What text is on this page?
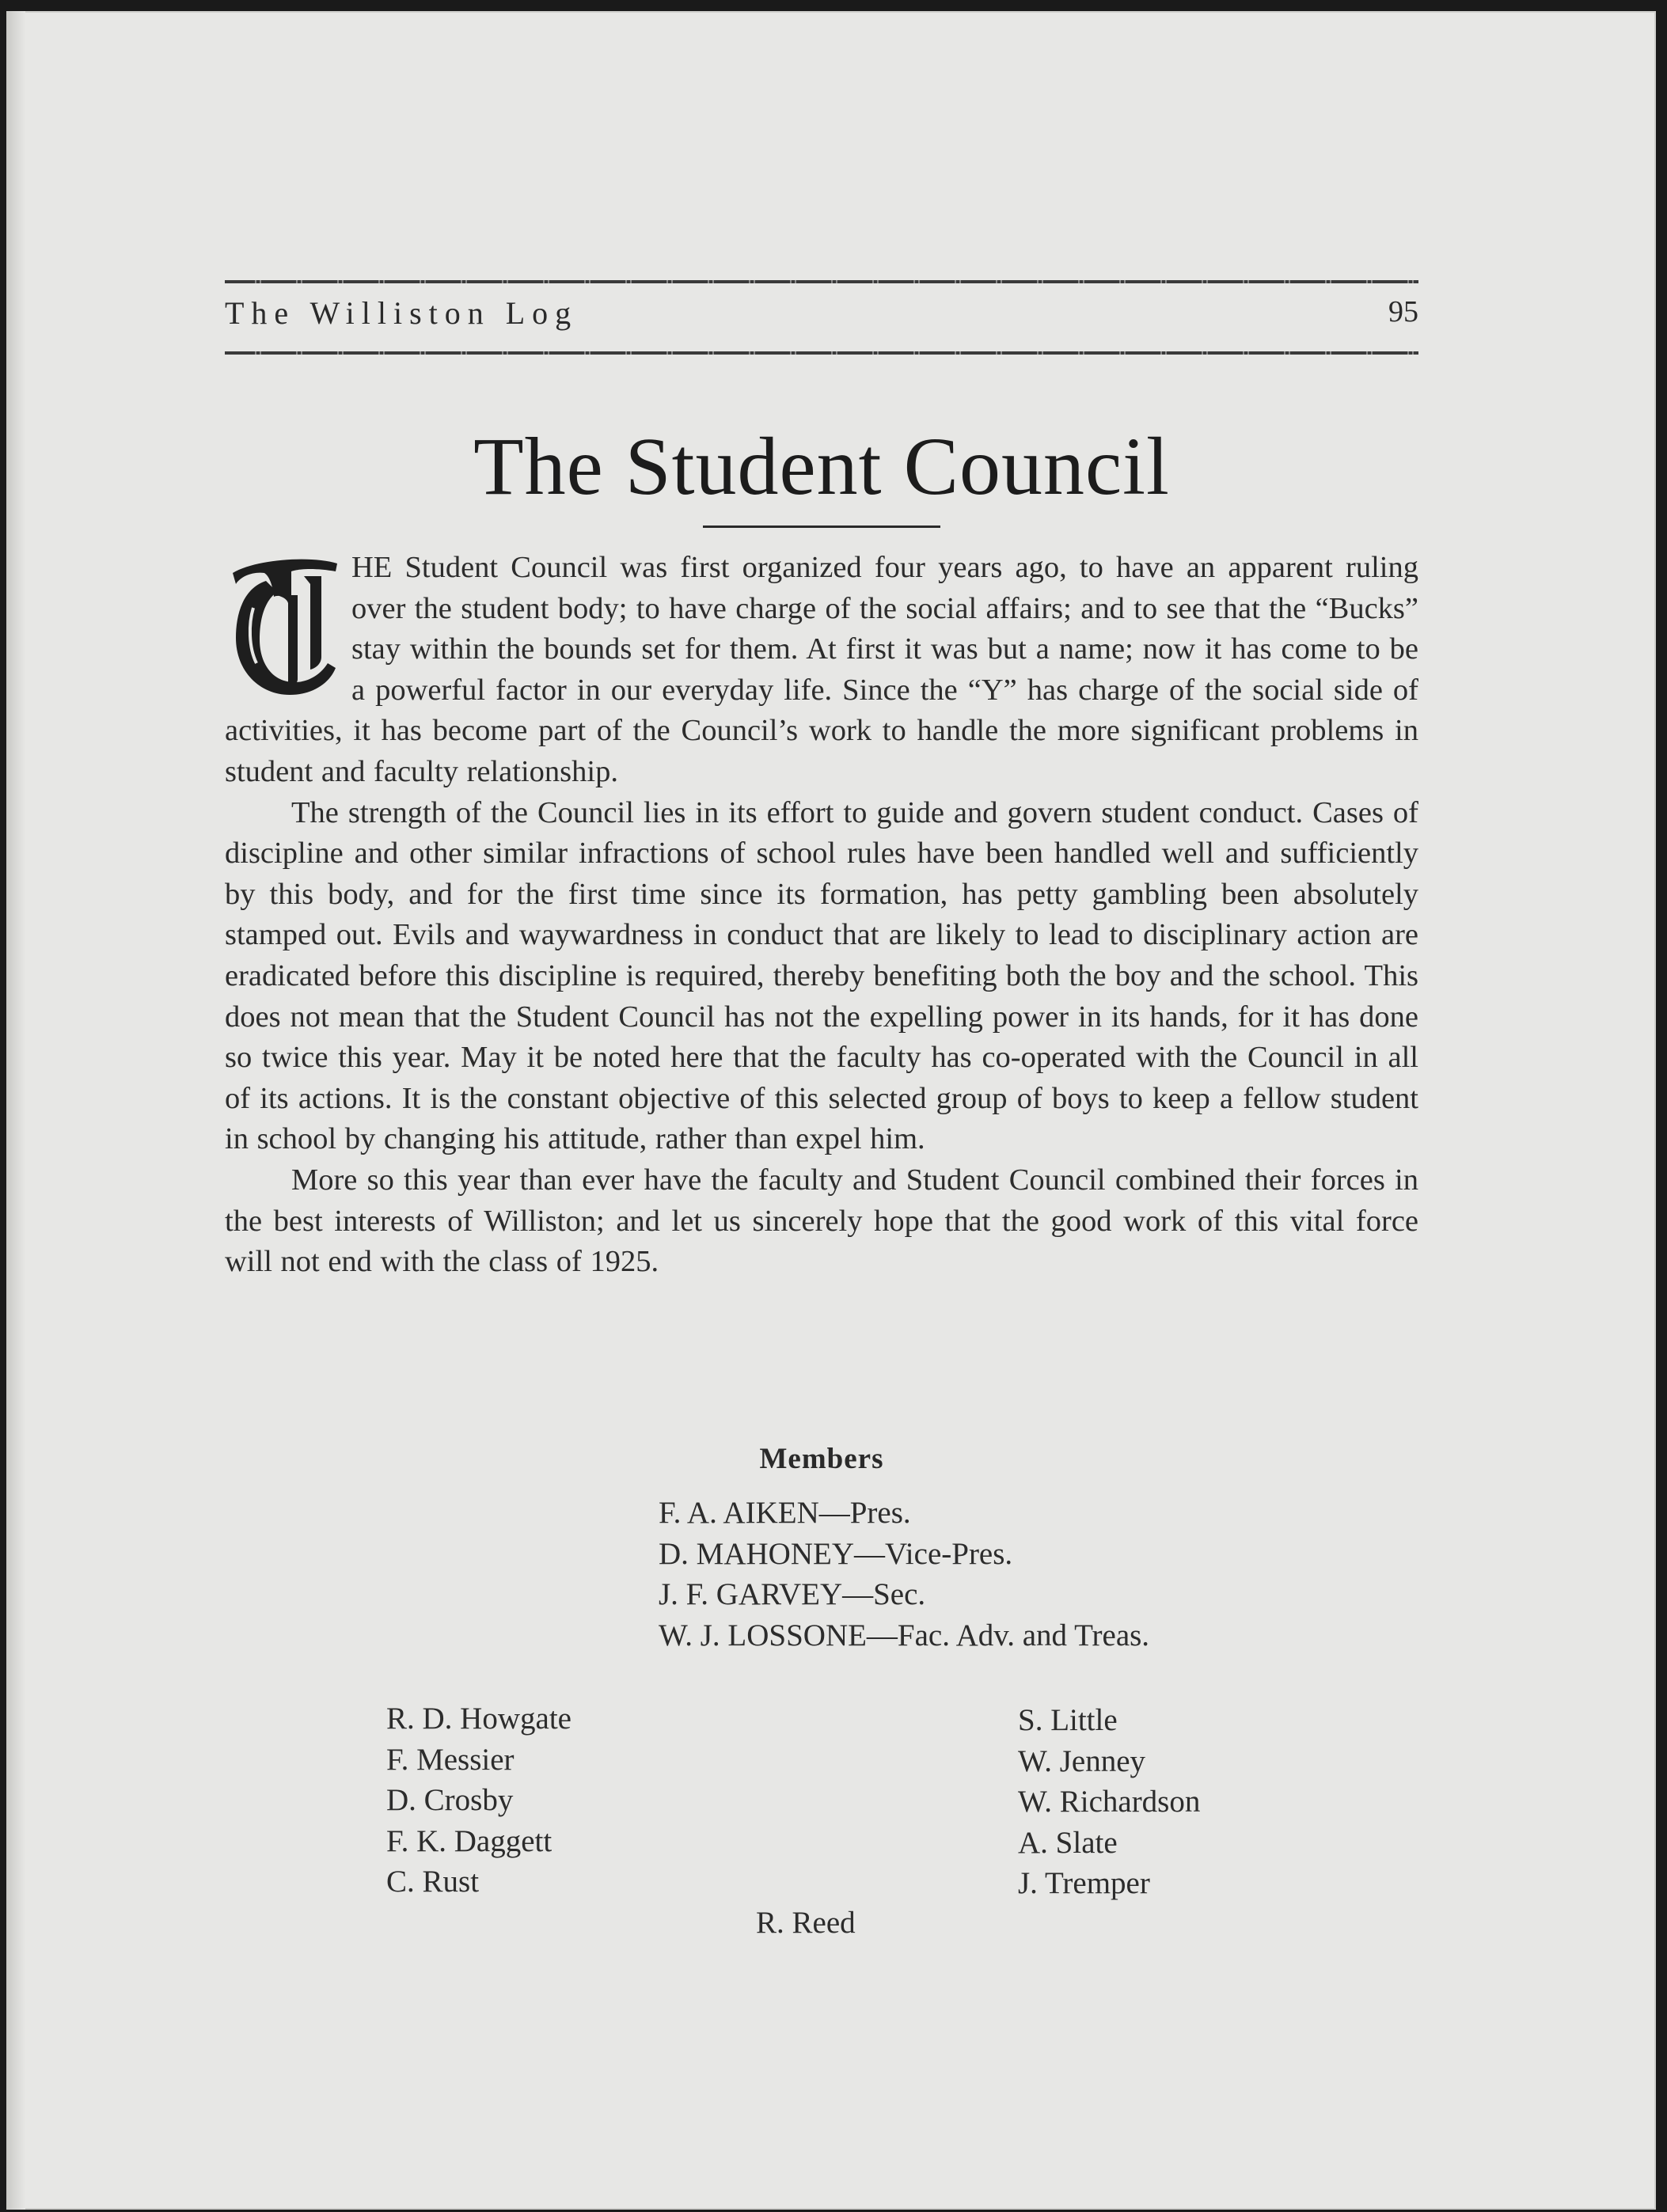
The Williston Log	95
The Student Council

HE Student Council was first organized four years ago, to have an apparent ruling over the student body; to have charge of the social affairs; and to see that the “Bucks” stay within the bounds set for them. At first it was but a name; now it has come to be a powerful factor in our everyday life. Since the “Y” has charge of the social side of activities, it has become part of the Council’s work to handle the more significant problems in student and faculty relationship.

The strength of the Council lies in its effort to guide and govern student conduct. Cases of discipline and other similar infractions of school rules have been handled well and sufficiently by this body, and for the first time since its formation, has petty gambling been absolutely stamped out. Evils and waywardness in conduct that are likely to lead to disciplinary action are eradicated before this discipline is required, thereby benefiting both the boy and the school. This does not mean that the Student Council has not the expelling power in its hands, for it has done so twice this year. May it be noted here that the faculty has co-operated with the Council in all of its actions. It is the constant objective of this selected group of boys to keep a fellow student in school by changing his attitude, rather than expel him.

More so this year than ever have the faculty and Student Council combined their forces in the best interests of Williston; and let us sincerely hope that the good work of this vital force will not end with the class of 1925.

Members
F. A. AIKEN—Pres.
D. MAHONEY—Vice-Pres.
J. F. GARVEY—Sec.
W. J. LOSSONE—Fac. Adv. and Treas.
R. D. Howgate
F. Messier
D. Crosby
F. K. Daggett
C. Rust
S. Little
W. Jenney
W. Richardson
A. Slate
J. Tremper
R. Reed
